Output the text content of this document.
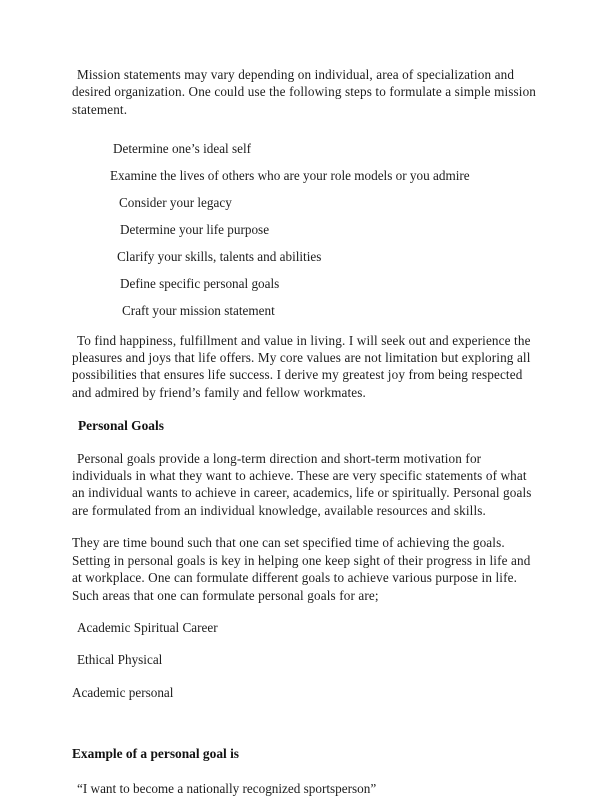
Mission statements may vary depending on individual, area of specialization and desired organization. One could use the following steps to formulate a simple mission statement.

Determine one’s ideal self
Examine the lives of others who are your role models or you admire
Consider your legacy
Determine your life purpose
Clarify your skills, talents and abilities
Define specific personal goals
Craft your mission statement

To find happiness, fulfillment and value in living. I will seek out and experience the pleasures and joys that life offers. My core values are not limitation but exploring all possibilities that ensures life success. I derive my greatest joy from being respected and admired by friend’s family and fellow workmates.

Personal Goals

Personal goals provide a long-term direction and short-term motivation for individuals in what they want to achieve. These are very specific statements of what an individual wants to achieve in career, academics, life or spiritually. Personal goals are formulated from an individual knowledge, available resources and skills.

They are time bound such that one can set specified time of achieving the goals. Setting in personal goals is key in helping one keep sight of their progress in life and at workplace. One can formulate different goals to achieve various purpose in life. Such areas that one can formulate personal goals for are;

Academic Spiritual Career

Ethical Physical

Academic personal

Example of a personal goal is

“I want to become a nationally recognized sportsperson”
